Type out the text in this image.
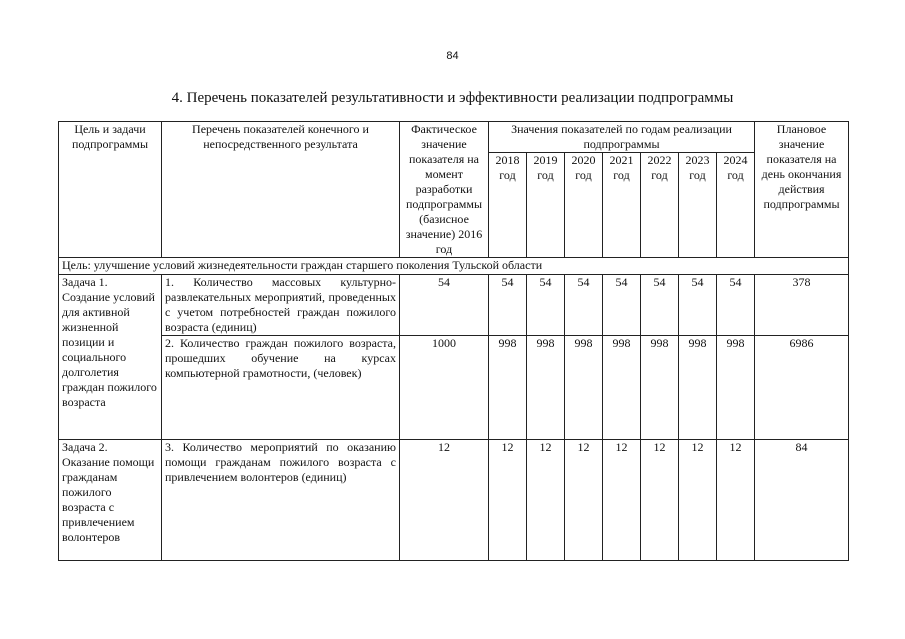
84
4. Перечень показателей результативности и эффективности реализации подпрограммы
Цель и задачи подпрограммы	Перечень показателей конечного и непосредственного результата	Фактическое значение показателя на момент разработки подпрограммы (базисное значение) 2016 год	Значения показателей по годам реализации подпрограммы							Плановое значение показателя на день окончания действия подпрограммы
			2018 год	2019 год	2020 год	2021 год	2022 год	2023 год	2024 год	
Цель: улучшение условий жизнедеятельности граждан старшего поколения Тульской области										
Задача 1. Создание условий для активной жизненной позиции и социального долголетия граждан пожилого возраста	1. Количество массовых культурно-развлекательных мероприятий, проведенных с учетом потребностей граждан пожилого возраста (единиц)	54	54	54	54	54	54	54	54	378
	2. Количество граждан пожилого возраста, прошедших обучение на курсах компьютерной грамотности, (человек)	1000	998	998	998	998	998	998	998	6986
Задача 2. Оказание помощи гражданам пожилого возраста с привлечением волонтеров	3. Количество мероприятий по оказанию помощи гражданам пожилого возраста с привлечением волонтеров (единиц)	12	12	12	12	12	12	12	12	84
